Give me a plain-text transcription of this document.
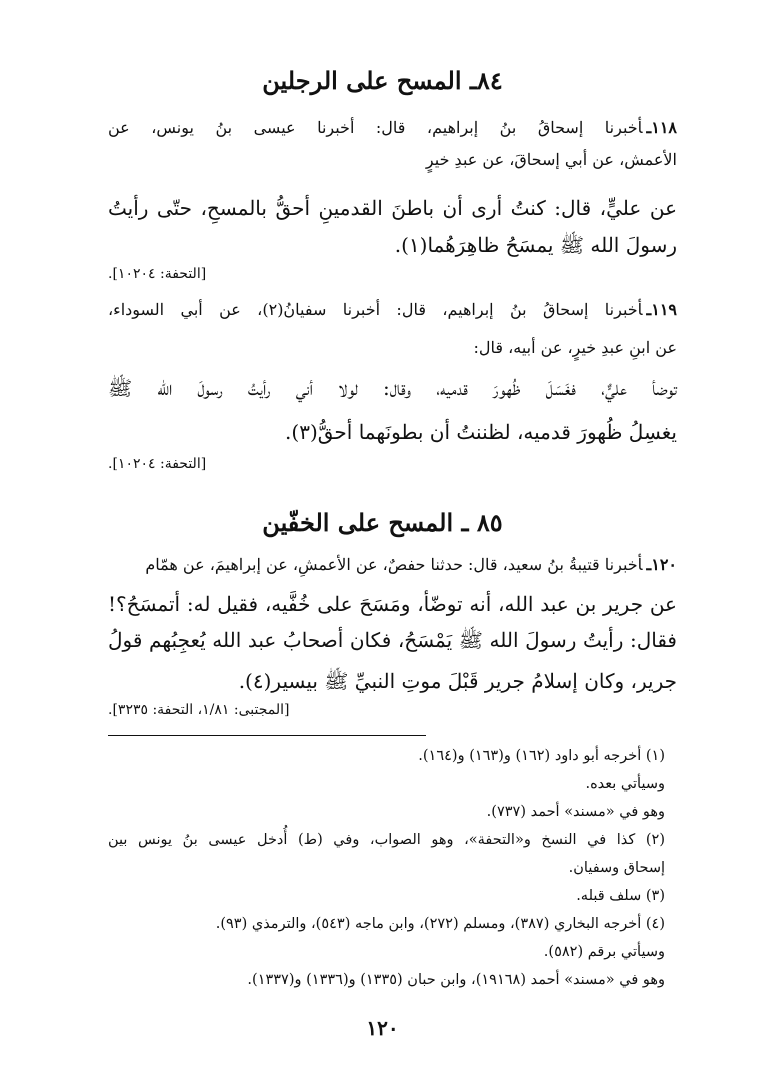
٨٤ـ المسح على الرجلين
١١٨ـأخبرنا إسحاقُ بنُ إبراهيم، قال: أخبرنا عيسى بنُ يونس، عن
الأعمش، عن أبي إسحاقَ، عن عبدِ خيرٍ
عن عليٍّ، قال: كنتُ أرى أن باطنَ القدمينِ أحقُّ بالمسحِ، حتّى رأيتُ
رسولَ الله ﷺ يمسَحُ ظاهِرَهُما(١).
[التحفة: ١٠٢٠٤].
١١٩ـأخبرنا إسحاقُ بنُ إبراهيم، قال: أخبرنا سفيانُ(٢)، عن أبي السوداء،
عن ابنِ عبدِ خيرٍ، عن أبيه، قال:
توضأ عليٌّ، فغَسَلَ ظُهورَ قدميه، وقال: لولا أني رأيتُ رسولَ الله ﷺ
يغسِلُ ظُهورَ قدميه، لظننتُ أن بطونَهما أحقُّ(٣).
[التحفة: ١٠٢٠٤].
٨٥ ـ المسح على الخفّين
١٢٠ـأخبرنا قتيبةُ بنُ سعيد، قال: حدثنا حفصٌ، عن الأعمشِ، عن إبراهيمَ، عن همّام
عن جرير بن عبد الله، أنه توضّأ، ومَسَحَ على خُفَّيه، فقيل له: أتمسَحُ؟!
فقال: رأيتُ رسولَ الله ﷺ يَمْسَحُ، فكان أصحابُ عبد الله يُعجِبُهم قولُ
جرير، وكان إسلامُ جرير قَبْلَ موتِ النبيِّ ﷺ بيسير(٤).
[المجتبى: ١/٨١، التحفة: ٣٢٣٥].
(١) أخرجه أبو داود (١٦٢) و(١٦٣) و(١٦٤).
وسيأتي بعده.
وهو في «مسند» أحمد (٧٣٧).
(٢) كذا في النسخ و«التحفة»، وهو الصواب، وفي (ط) أُدخل عيسى بنُ يونس بين
إسحاق وسفيان.
(٣) سلف قبله.
(٤) أخرجه البخاري (٣٨٧)، ومسلم (٢٧٢)، وابن ماجه (٥٤٣)، والترمذي (٩٣).
وسيأتي برقم (٥٨٢).
وهو في «مسند» أحمد (١٩١٦٨)، وابن حبان (١٣٣٥) و(١٣٣٦) و(١٣٣٧).
١٢٠
